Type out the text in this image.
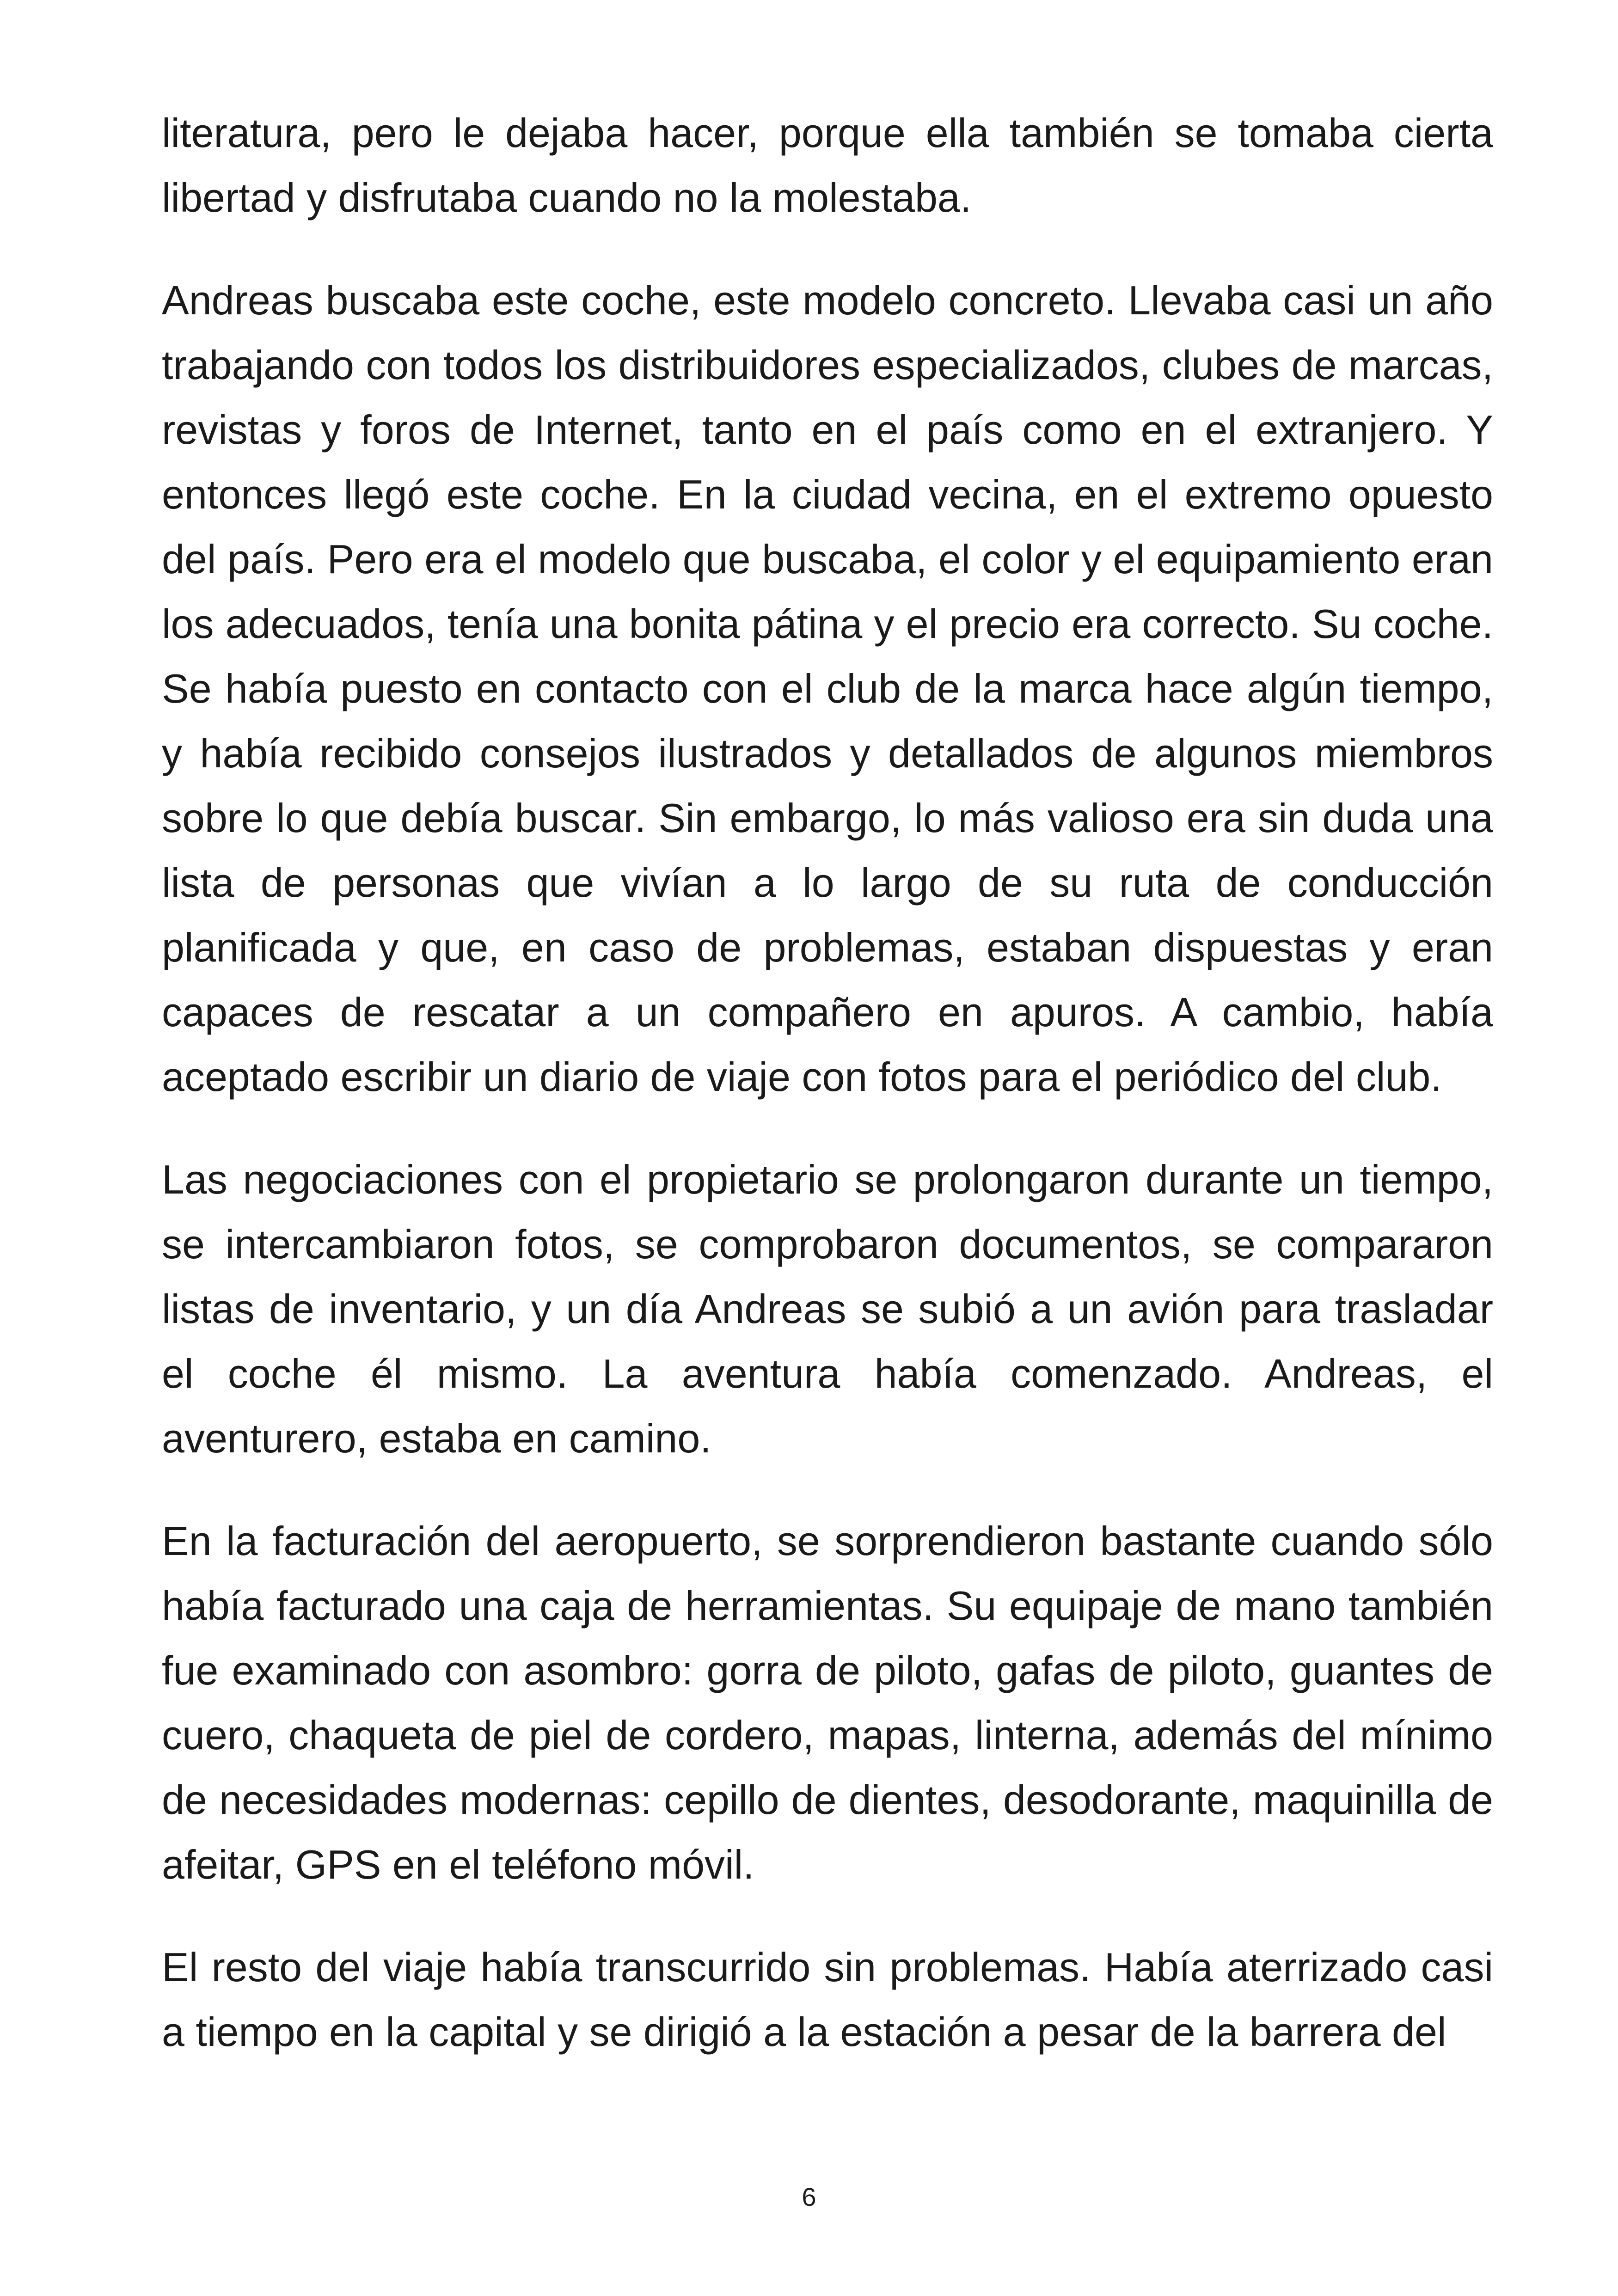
literatura, pero le dejaba hacer, porque ella también se tomaba cierta libertad y disfrutaba cuando no la molestaba.

Andreas buscaba este coche, este modelo concreto. Llevaba casi un año trabajando con todos los distribuidores especializados, clubes de marcas, revistas y foros de Internet, tanto en el país como en el extranjero. Y entonces llegó este coche. En la ciudad vecina, en el extremo opuesto del país. Pero era el modelo que buscaba, el color y el equipamiento eran los adecuados, tenía una bonita pátina y el precio era correcto. Su coche. Se había puesto en contacto con el club de la marca hace algún tiempo, y había recibido consejos ilustrados y detallados de algunos miembros sobre lo que debía buscar. Sin embargo, lo más valioso era sin duda una lista de personas que vivían a lo largo de su ruta de conducción planificada y que, en caso de problemas, estaban dispuestas y eran capaces de rescatar a un compañero en apuros. A cambio, había aceptado escribir un diario de viaje con fotos para el periódico del club.

Las negociaciones con el propietario se prolongaron durante un tiempo, se intercambiaron fotos, se comprobaron documentos, se compararon listas de inventario, y un día Andreas se subió a un avión para trasladar el coche él mismo. La aventura había comenzado. Andreas, el aventurero, estaba en camino.

En la facturación del aeropuerto, se sorprendieron bastante cuando sólo había facturado una caja de herramientas. Su equipaje de mano también fue examinado con asombro: gorra de piloto, gafas de piloto, guantes de cuero, chaqueta de piel de cordero, mapas, linterna, además del mínimo de necesidades modernas: cepillo de dientes, desodorante, maquinilla de afeitar, GPS en el teléfono móvil.

El resto del viaje había transcurrido sin problemas. Había aterrizado casi a tiempo en la capital y se dirigió a la estación a pesar de la barrera del

6
